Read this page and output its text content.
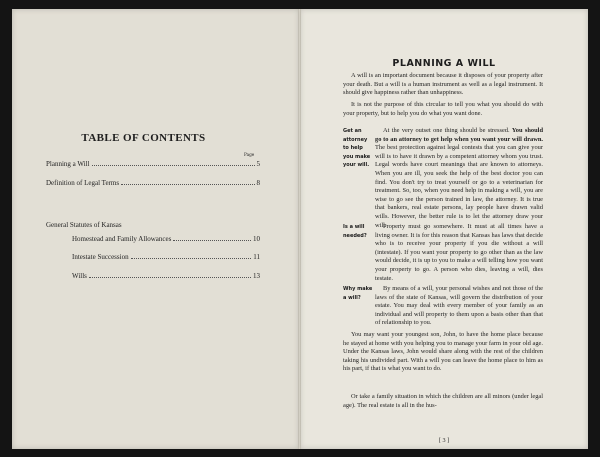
TABLE OF CONTENTS
Page
Planning a Will	5
Definition of Legal Terms	8
General Statutes of Kansas
Homestead and Family Allowances	10
Intestate Succession	11
Wills	13
PLANNING A WILL
A will is an important document because it disposes of your property after your death. But a will is a human instrument as well as a legal instrument. It should give happiness rather than unhappiness.
It is not the purpose of this circular to tell you what you should do with your property, but to help you do what you want done.
Get an attorney to help you make your will.
At the very outset one thing should be stressed. You should go to an attorney to get help when you want your will drawn. The best protection against legal contests that you can give your will is to have it drawn by a competent attorney whom you trust. Legal words have court meanings that are known to attorneys. When you are ill, you seek the help of the best doctor you can find. You don't try to treat yourself or go to a veterinarian for treatment. So, too, when you need help in making a will, you are wise to go see the person trained in law, the attorney. It is true that bankers, real estate persons, lay people have drawn valid wills. However, the better rule is to let the attorney draw your will.
Is a will needed?
Property must go somewhere. It must at all times have a living owner. It is for this reason that Kansas has laws that decide who is to receive your property if you die without a will (intestate). If you want your property to go other than as the law would decide, it is up to you to make a will telling how you want your property to go. A person who dies, leaving a will, dies testate.
Why make a will?
By means of a will, your personal wishes and not those of the laws of the state of Kansas, will govern the distribution of your estate. You may deal with every member of your family as an individual and will property to them upon a basis other than that of relationship to you.
You may want your youngest son, John, to have the home place because he stayed at home with you helping you to manage your farm in your old age. Under the Kansas laws, John would share along with the rest of the children taking his undivided part. With a will you can leave the home place to him as his part, if that is what you want to do.
Or take a family situation in which the children are all minors (under legal age). The real estate is all in the hus-
[ 3 ]
